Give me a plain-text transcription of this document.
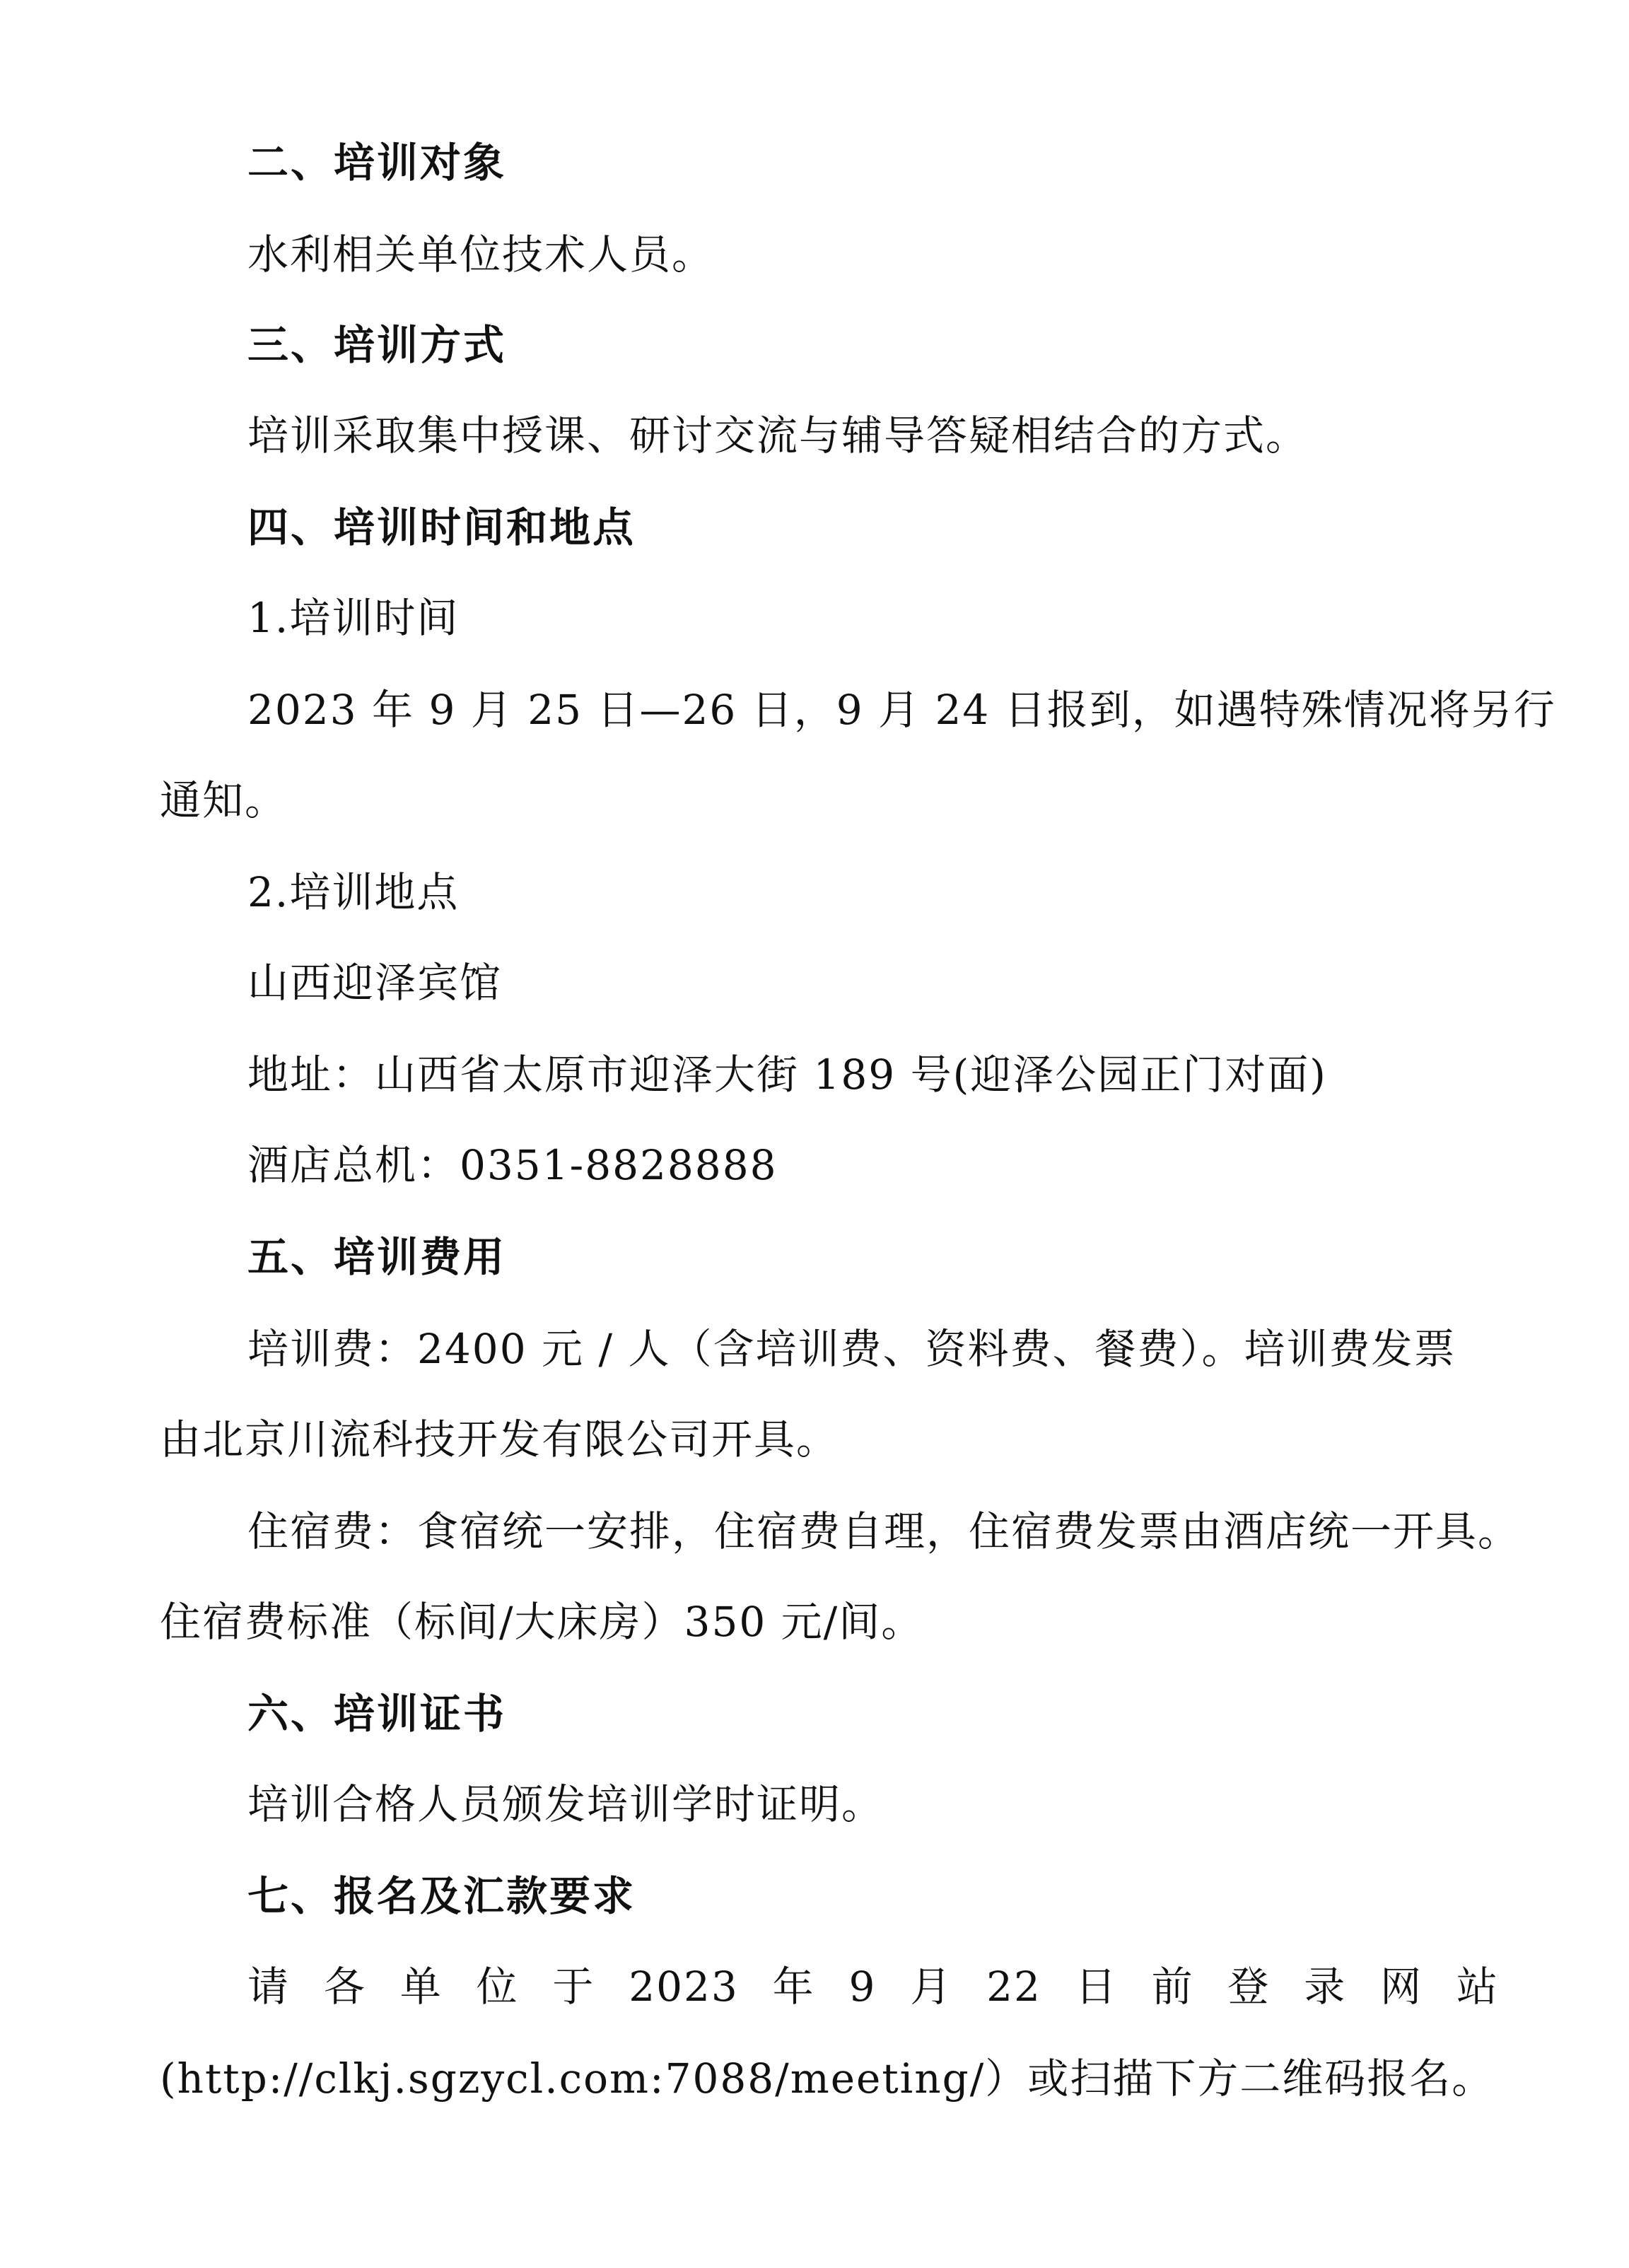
二、培训对象
水利相关单位技术人员。
三、培训方式
培训采取集中授课、研讨交流与辅导答疑相结合的方式。
四、培训时间和地点
1.培训时间
2023 年 9 月 25 日—26 日，9 月 24 日报到，如遇特殊情况将另行
通知。
2.培训地点
山西迎泽宾馆
地址：山西省太原市迎泽大街 189 号(迎泽公园正门对面)
酒店总机：0351-8828888
五、培训费用
培训费：2400 元 / 人（含培训费、资料费、餐费）。培训费发票
由北京川流科技开发有限公司开具。
住宿费：食宿统一安排，住宿费自理，住宿费发票由酒店统一开具。
住宿费标准（标间/大床房）350 元/间。
六、培训证书
培训合格人员颁发培训学时证明。
七、报名及汇款要求
请 各 单 位 于 2023 年 9 月 22 日 前 登 录 网 站
(http://clkj.sgzycl.com:7088/meeting/）或扫描下方二维码报名。
